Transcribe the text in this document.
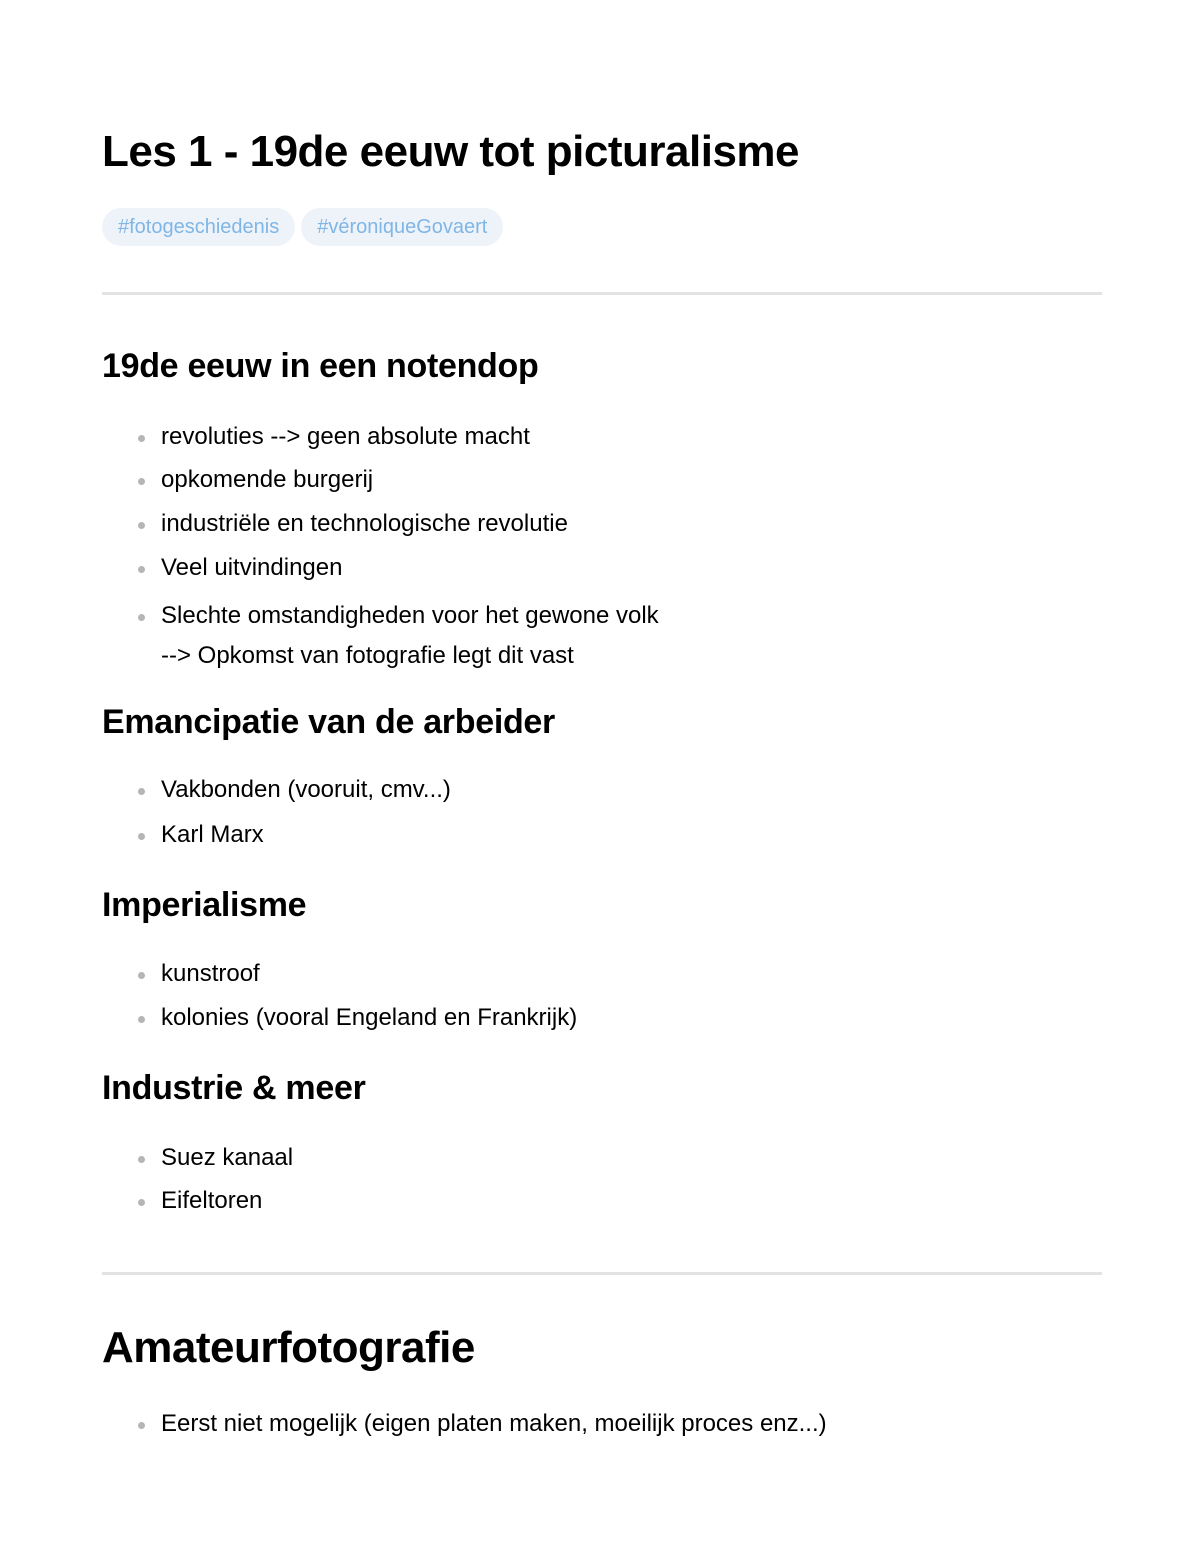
Les 1 - 19de eeuw tot picturalisme
#fotogeschiedenis	#véroniqueGovaert
19de eeuw in een notendop
revoluties --> geen absolute macht
opkomende burgerij
industriële en technologische revolutie
Veel uitvindingen
Slechte omstandigheden voor het gewone volk
--> Opkomst van fotografie legt dit vast
Emancipatie van de arbeider
Vakbonden (vooruit, cmv...)
Karl Marx
Imperialisme
kunstroof
kolonies (vooral Engeland en Frankrijk)
Industrie & meer
Suez kanaal
Eifeltoren
Amateurfotografie
Eerst niet mogelijk (eigen platen maken, moeilijk proces enz...)
